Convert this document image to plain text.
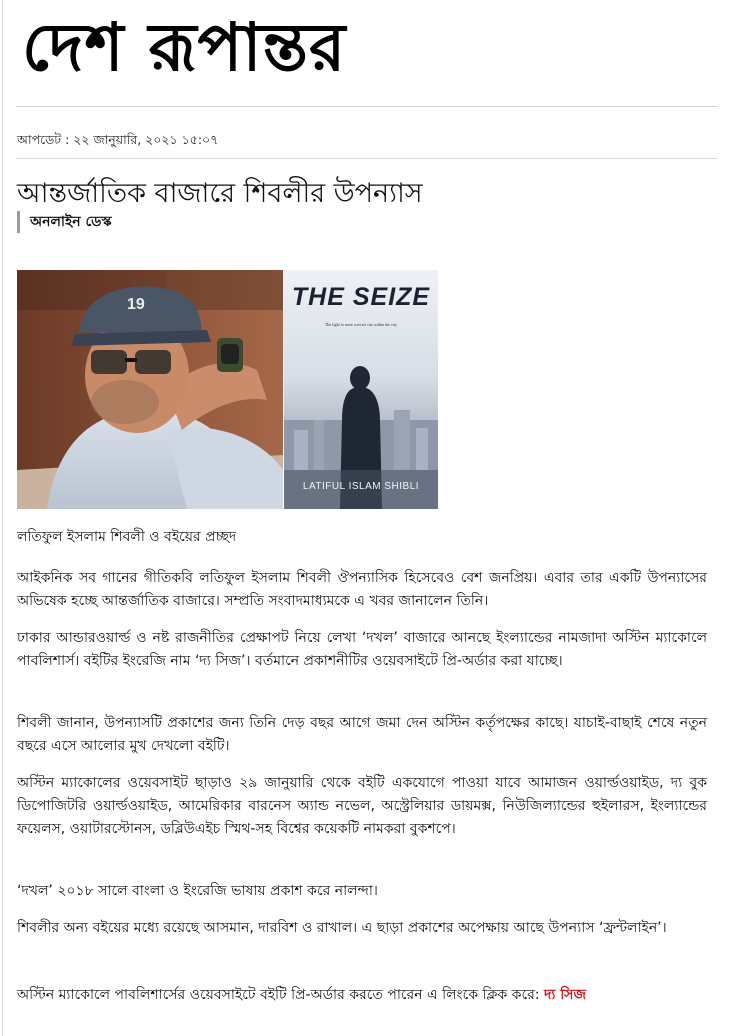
দেশ রূপান্তর
আপডেট : ২২ জানুয়ারি, ২০২১ ১৫:০৭
আন্তর্জাতিক বাজারে শিবলীর উপন্যাস
অনলাইন ডেস্ক
19	THE SEIZE
The fight to seize a secret city within the city
LATIFUL ISLAM SHIBLI
লতিফুল ইসলাম শিবলী ও বইয়ের প্রচ্ছদ

আইকনিক সব গানের গীতিকবি লতিফুল ইসলাম শিবলী ঔপন্যাসিক হিসেবেও বেশ জনপ্রিয়। এবার তার একটি উপন্যাসের অভিষেক হচ্ছে আন্তর্জাতিক বাজারে। সম্প্রতি সংবাদমাধ্যমকে এ খবর জানালেন তিনি।

ঢাকার আন্ডারওয়ার্ল্ড ও নষ্ট রাজনীতির প্রেক্ষাপট নিয়ে লেখা ‘দখল’ বাজারে আনছে ইংল্যান্ডের নামজাদা অস্টিন ম্যাকোলে পাবলিশার্স। বইটির ইংরেজি নাম ‘দ্য সিজ’। বর্তমানে প্রকাশনীটির ওয়েবসাইটে প্রি-অর্ডার করা যাচ্ছে।

শিবলী জানান, উপন্যাসটি প্রকাশের জন্য তিনি দেড় বছর আগে জমা দেন অস্টিন কর্তৃপক্ষের কাছে। যাচাই-বাছাই শেষে নতুন বছরে এসে আলোর মুখ দেখলো বইটি।

অস্টিন ম্যাকোলের ওয়েবসাইট ছাড়াও ২৯ জানুয়ারি থেকে বইটি একযোগে পাওয়া যাবে আমাজন ওয়ার্ল্ডওয়াইড, দ্য বুক ডিপোজিটরি ওয়ার্ল্ডওয়াইড, আমেরিকার বারনেস অ্যান্ড নভেল, অস্ট্রেলিয়ার ডায়মক্স, নিউজিল্যান্ডের হুইলারস, ইংল্যান্ডের ফয়েলস, ওয়াটারস্টোনস, ডব্লিউএইচ স্মিথ-সহ বিশ্বের কয়েকটি নামকরা বুকশপে।

‘দখল’ ২০১৮ সালে বাংলা ও ইংরেজি ভাষায় প্রকাশ করে নালন্দা।

শিবলীর অন্য বইয়ের মধ্যে রয়েছে আসমান, দারবিশ ও রাখাল। এ ছাড়া প্রকাশের অপেক্ষায় আছে উপন্যাস ‘ফ্রন্টলাইন’।

অস্টিন ম্যাকোলে পাবলিশার্সের ওয়েবসাইটে বইটি প্রি-অর্ডার করতে পারেন এ লিংকে ক্লিক করে: দ্য সিজ
